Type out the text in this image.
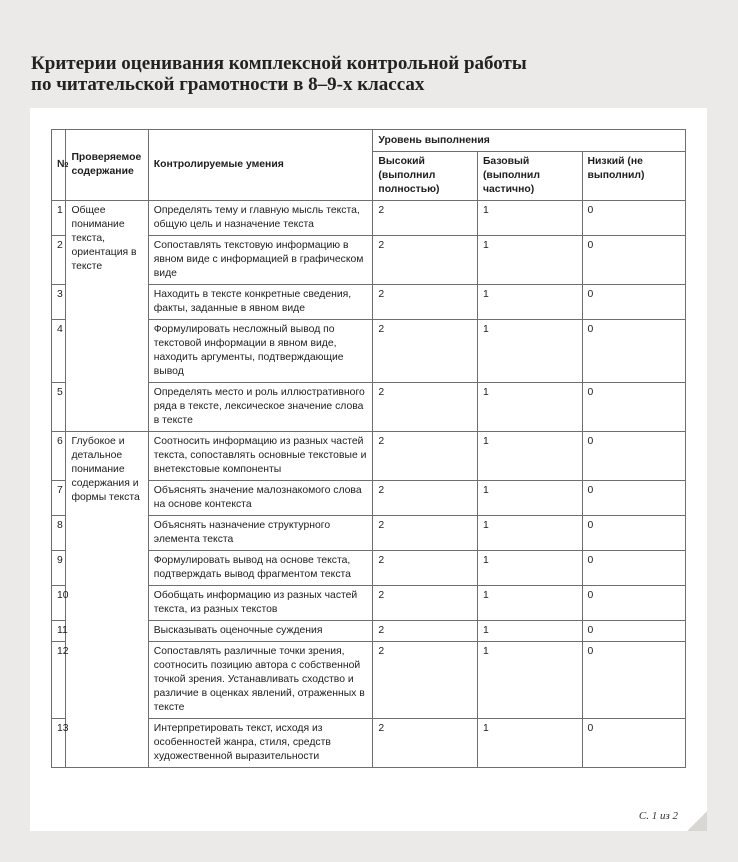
Критерии оценивания комплексной контрольной работы
по читательской грамотности в 8–9-х классах
№	Проверяемое содержание	Контролируемые умения	Уровень выполнения		
			Высокий (выполнил полностью)	Базовый (выполнил частично)	Низкий (не выполнил)
1	Общее понимание текста, ориентация в тексте	Определять тему и главную мысль текста, общую цель и назначение текста	2	1	0
2		Сопоставлять текстовую информацию в явном виде с информацией в графическом виде	2	1	0
3		Находить в тексте конкретные сведения, факты, заданные в явном виде	2	1	0
4		Формулировать несложный вывод по текстовой информации в явном виде, находить аргументы, подтверждающие вывод	2	1	0
5		Определять место и роль иллюстративного ряда в тексте, лексическое значение слова в тексте	2	1	0
6	Глубокое и детальное понимание содержания и формы текста	Соотносить информацию из разных частей текста, сопоставлять основные текстовые и внетекстовые компоненты	2	1	0
7		Объяснять значение малознакомого слова на основе контекста	2	1	0
8		Объяснять назначение структурного элемента текста	2	1	0
9		Формулировать вывод на основе текста, подтверждать вывод фрагментом текста	2	1	0
10		Обобщать информацию из разных частей текста, из разных текстов	2	1	0
11		Высказывать оценочные суждения	2	1	0
12		Сопоставлять различные точки зрения, соотносить позицию автора с собственной точкой зрения. Устанавливать сходство и различие в оценках явлений, отраженных в тексте	2	1	0
13		Интерпретировать текст, исходя из особенностей жанра, стиля, средств художественной выразительности	2	1	0
С. 1 из 2
